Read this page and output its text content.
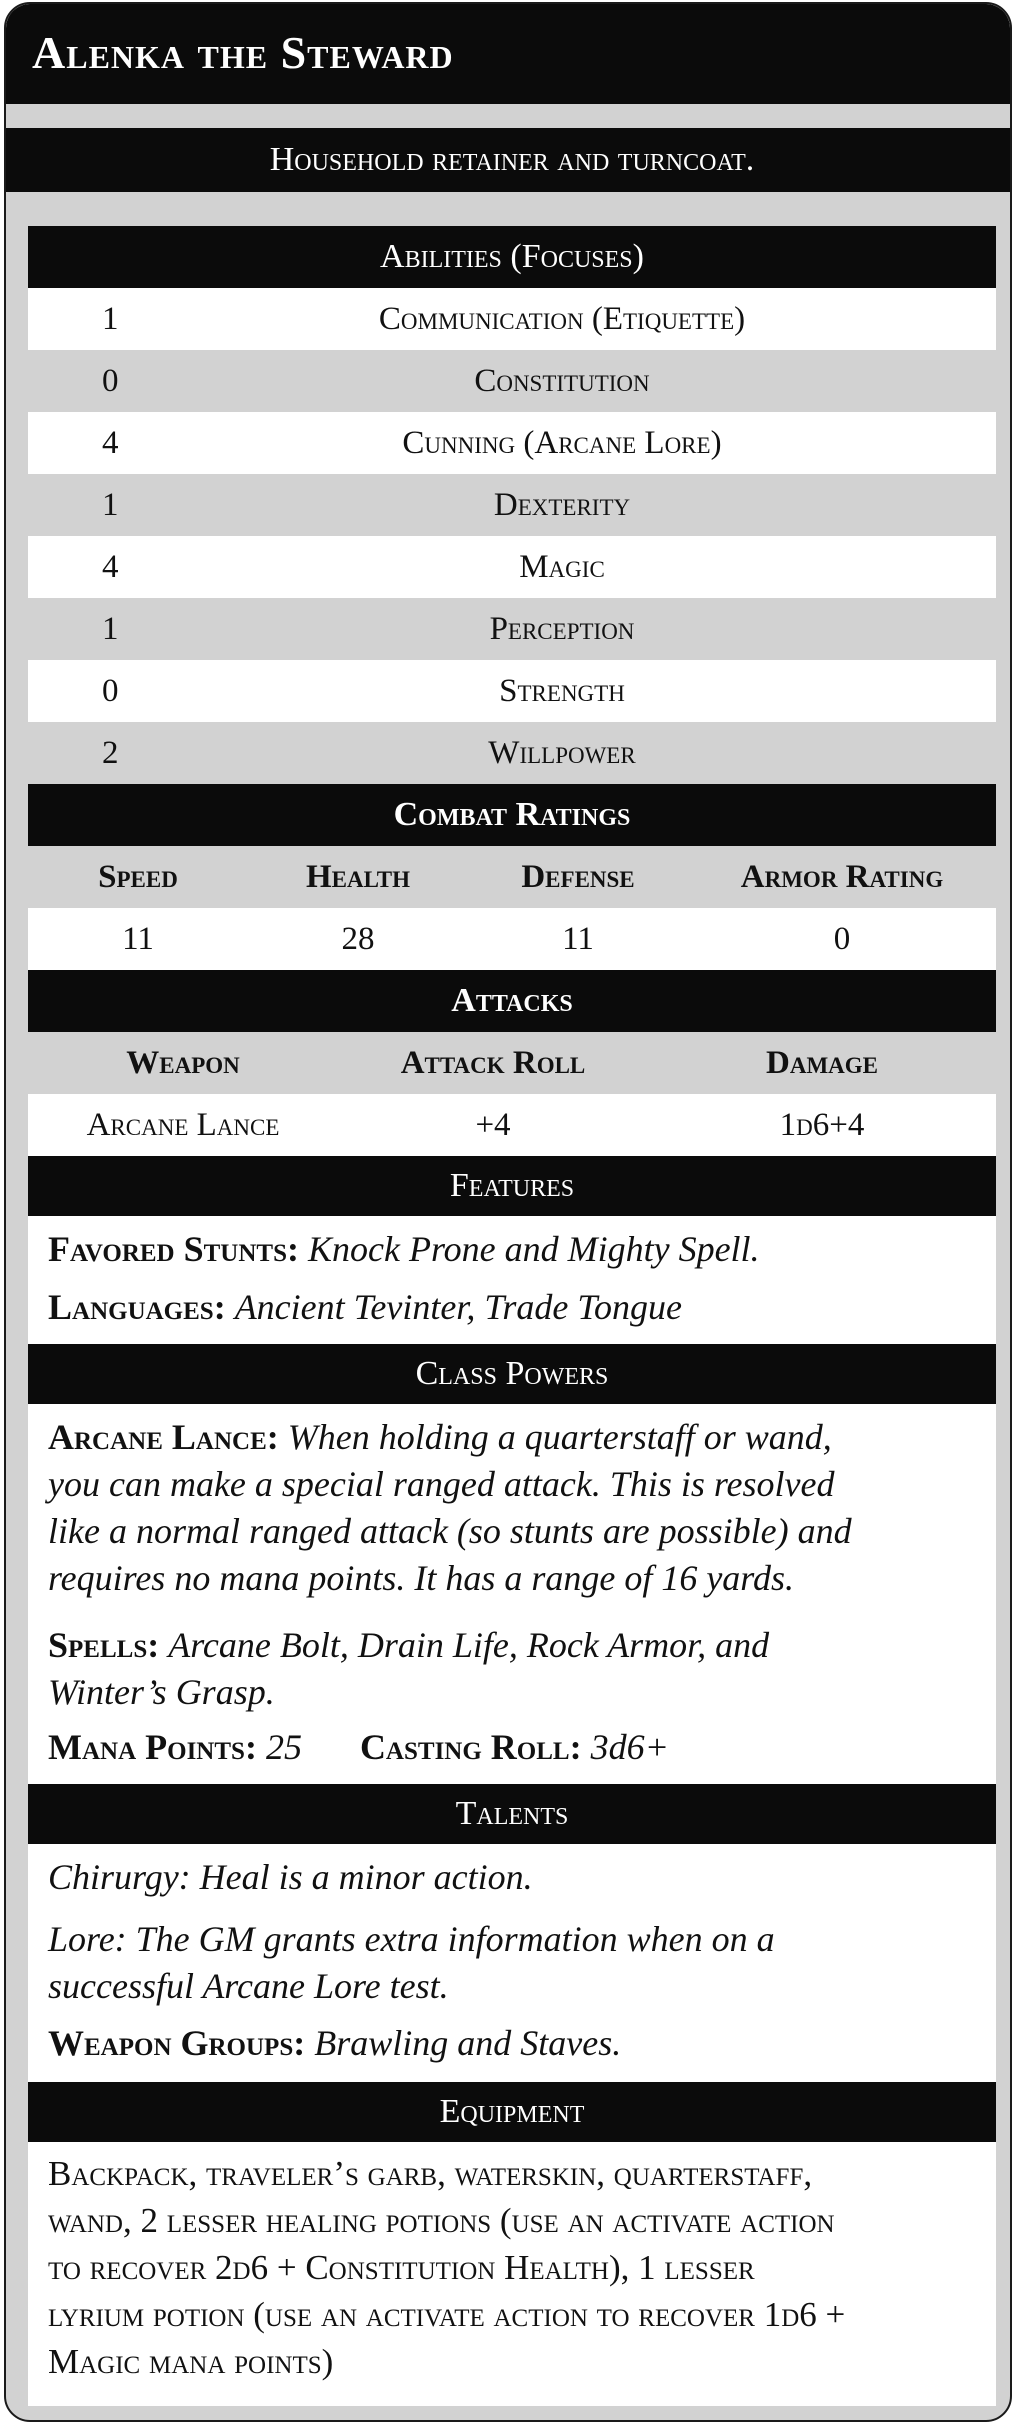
Alenka the Steward
Household retainer and turncoat.
Abilities (Focuses)
1	Communication (Etiquette)
0	Constitution
4	Cunning (Arcane Lore)
1	Dexterity
4	Magic
1	Perception
0	Strength
2	Willpower
Combat Ratings
Speed	Health	Defense	Armor Rating
11	28	11	0
Attacks
Weapon	Attack Roll	Damage
Arcane Lance	+4	1d6+4
Features
Favored Stunts: Knock Prone and Mighty Spell.
Languages: Ancient Tevinter, Trade Tongue
Class Powers
Arcane Lance: When holding a quarterstaff or wand,
you can make a special ranged attack. This is resolved
like a normal ranged attack (so stunts are possible) and
requires no mana points. It has a range of 16 yards.
Spells: Arcane Bolt, Drain Life, Rock Armor, and
Winter’s Grasp.
Mana Points: 25 Casting Roll: 3d6+
Talents
Chirurgy: Heal is a minor action.
Lore: The GM grants extra information when on a
successful Arcane Lore test.
Weapon Groups: Brawling and Staves.
Equipment
Backpack, traveler’s garb, waterskin, quarterstaff,
wand, 2 lesser healing potions (use an activate action
to recover 2d6 + Constitution Health), 1 lesser
lyrium potion (use an activate action to recover 1d6 +
Magic mana points)
